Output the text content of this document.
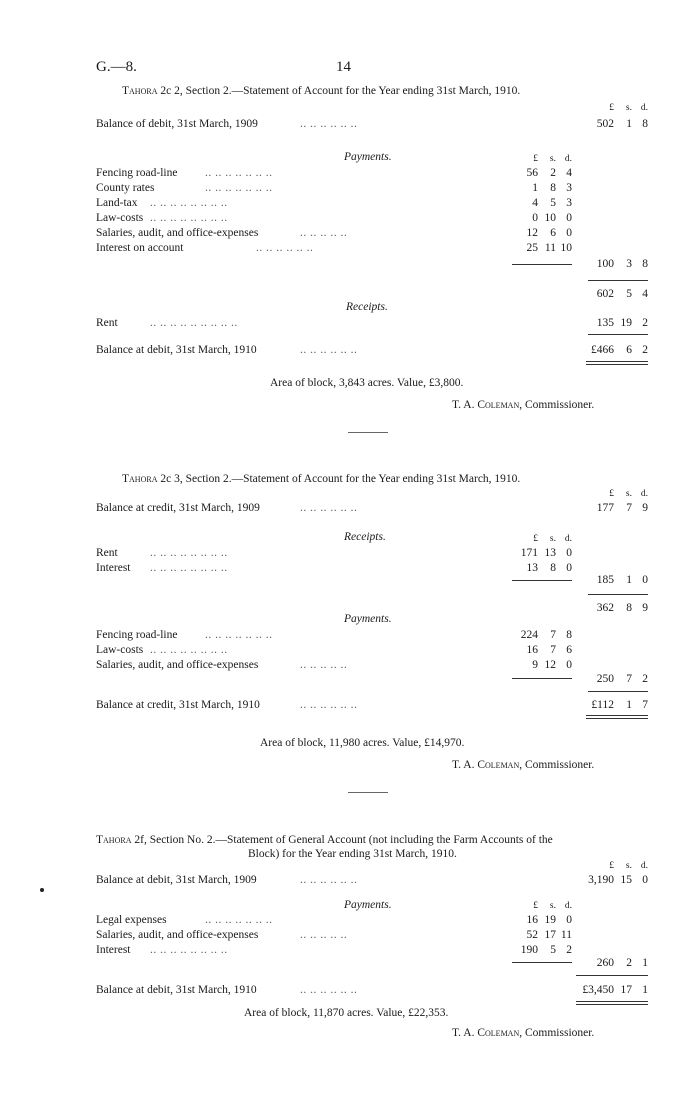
G.—8.	14
Tahora 2c 2, Section 2.—Statement of Account for the Year ending 31st March, 1910.
£	s. d.
Balance of debit, 31st March, 1909	.. .. .. .. .. ..	502	1 8
Payments.	£	s. d.
Fencing road-line .. .. .. .. .. .. ..	56	2 4
County rates	.. .. .. .. .. .. ..	1	8 3
Land-tax .. .. .. .. .. .. .. ..	4	5 3
Law-costs .. .. .. .. .. .. .. ..	0 10 0
Salaries, audit, and office-expenses	.. .. .. .. ..	12	6 0
Interest on account	.. .. .. .. .. ..	25 11 10
100	3 8
602	5 4
Receipts.
Rent	.. .. .. .. .. .. .. .. ..	135 19 2
Balance at debit, 31st March, 1910	.. .. .. .. .. ..	£466	6 2
Area of block, 3,843 acres. Value, £3,800.
T. A. Coleman, Commissioner.
Tahora 2c 3, Section 2.—Statement of Account for the Year ending 31st March, 1910.
£	s. d.
Balance at credit, 31st March, 1909	.. .. .. .. .. ..	177	7 9
Receipts.	£	s. d.
Rent	.. .. .. .. .. .. .. ..	171 13 0
Interest .. .. .. .. .. .. .. ..	13	8 0
185	1 0
362	8 9
Payments.
Fencing road-line .. .. .. .. .. .. ..	224	7 8
Law-costs .. .. .. .. .. .. .. ..	16	7 6
Salaries, audit, and office-expenses	.. .. .. .. ..	9 12 0
250	7 2
Balance at credit, 31st March, 1910	.. .. .. .. .. ..	£112	1 7
Area of block, 11,980 acres. Value, £14,970.
T. A. Coleman, Commissioner.
Tahora 2f, Section No. 2.—Statement of General Account (not including the Farm Accounts of the
Block) for the Year ending 31st March, 1910.
£	s. d.
Balance at debit, 31st March, 1909	.. .. .. .. .. ..	3,190 15 0
Payments.	£	s. d.
Legal expenses	.. .. .. .. .. .. ..	16 19 0
Salaries, audit, and office-expenses	.. .. .. .. ..	52 17 11
Interest .. .. .. .. .. .. .. ..	190	5 2
260	2 1
Balance at debit, 31st March, 1910	.. .. .. .. .. ..	£3,450 17 1
Area of block, 11,870 acres. Value, £22,353.
T. A. Coleman, Commissioner.
